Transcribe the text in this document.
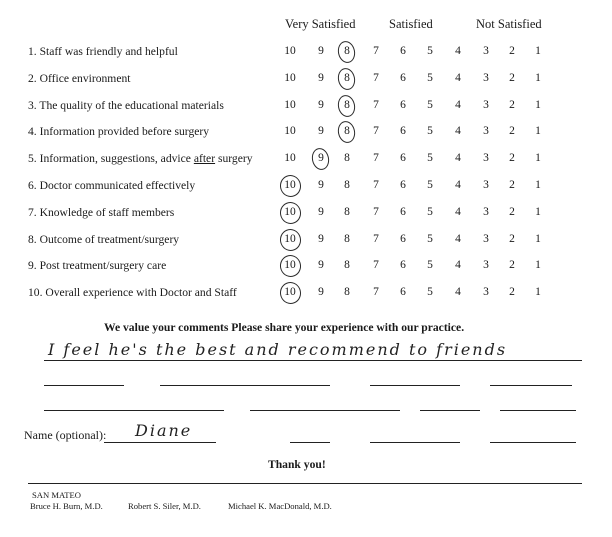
Very Satisfied	Satisfied	Not Satisfied
1. Staff was friendly and helpful	10	9	8	7	6	5	4	3	2	1
2. Office environment	10	9	8	7	6	5	4	3	2	1
3. The quality of the educational materials	10	9	8	7	6	5	4	3	2	1
4. Information provided before surgery	10	9	8	7	6	5	4	3	2	1
5. Information, suggestions, advice after surgery	10	9	8	7	6	5	4	3	2	1
6. Doctor communicated effectively	10	9	8	7	6	5	4	3	2	1
7. Knowledge of staff members	10	9	8	7	6	5	4	3	2	1
8. Outcome of treatment/surgery	10	9	8	7	6	5	4	3	2	1
9. Post treatment/surgery care	10	9	8	7	6	5	4	3	2	1
10. Overall experience with Doctor and Staff	10	9	8	7	6	5	4	3	2	1
We value your comments Please share your experience with our practice.
I feel he's the best and recommend to friends
Name (optional): Diane
Thank you!
SAN MATEO
Bruce H. Burn, M.D.	Robert S. Siler, M.D.	Michael K. MacDonald, M.D.
